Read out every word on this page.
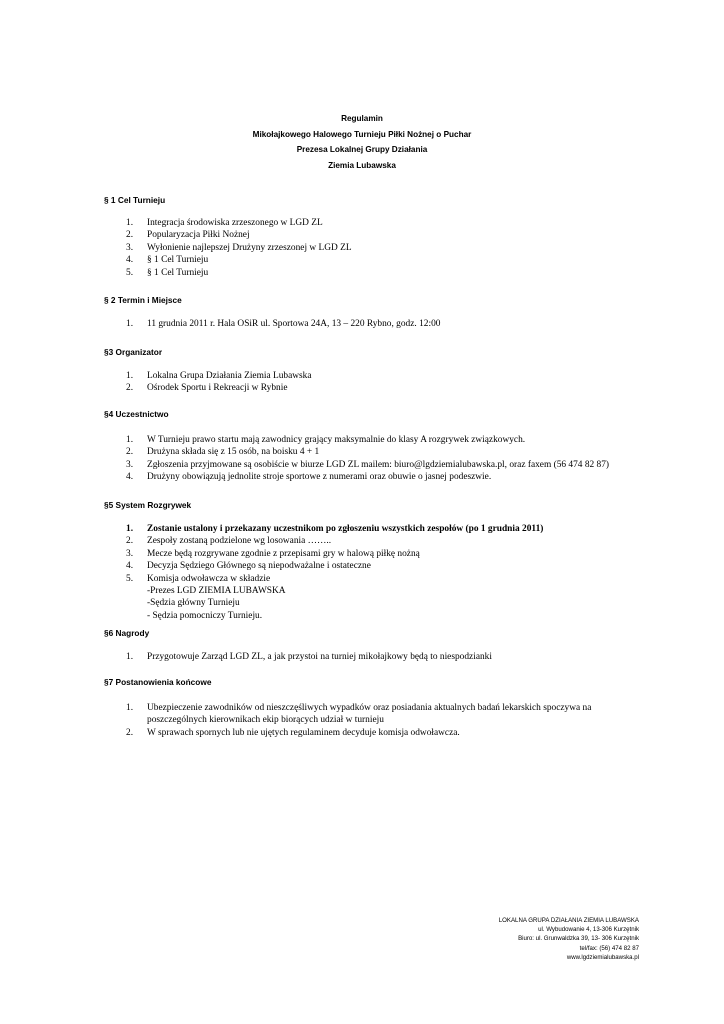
Regulamin
Mikołajkowego Halowego Turnieju Piłki Nożnej o Puchar
Prezesa Lokalnej Grupy Działania
Ziemia Lubawska
§ 1 Cel Turnieju
1. Integracja środowiska zrzeszonego w LGD ZL
2. Popularyzacja Piłki Nożnej
3. Wyłonienie najlepszej Drużyny zrzeszonej w LGD ZL
4. § 1 Cel Turnieju
5. § 1 Cel Turnieju
§ 2 Termin i Miejsce
1. 11 grudnia 2011 r. Hala OSiR ul. Sportowa 24A, 13 – 220 Rybno, godz. 12:00
§3 Organizator
1. Lokalna Grupa Działania Ziemia Lubawska
2. Ośrodek Sportu i Rekreacji w Rybnie
§4 Uczestnictwo
1. W Turnieju prawo startu mają zawodnicy grający maksymalnie do klasy A rozgrywek związkowych.
2. Drużyna składa się z 15 osób, na boisku 4 + 1
3. Zgłoszenia przyjmowane są osobiście w biurze LGD ZL mailem: biuro@lgdziemialubawska.pl, oraz faxem (56 474 82 87)
4. Drużyny obowiązują jednolite stroje sportowe z numerami oraz obuwie o jasnej podeszwie.
§5 System Rozgrywek
1. Zostanie ustalony i przekazany uczestnikom po zgłoszeniu wszystkich zespołów (po 1 grudnia 2011)
2. Zespoły zostaną podzielone wg losowania ……..
3. Mecze będą rozgrywane zgodnie z przepisami gry w halową piłkę nożną
4. Decyzja Sędziego Głównego są niepodważalne i ostateczne
5. Komisja odwoławcza w składzie
-Prezes LGD ZIEMIA LUBAWSKA
-Sędzia główny Turnieju
- Sędzia pomocniczy Turnieju.
§6 Nagrody
1. Przygotowuje Zarząd LGD ZL, a jak przystoi na turniej mikołajkowy będą to niespodzianki
§7 Postanowienia końcowe
1. Ubezpieczenie zawodników od nieszczęśliwych wypadków oraz posiadania aktualnych badań lekarskich spoczywa na
poszczególnych kierownikach ekip biorących udział w turnieju
2. W sprawach spornych lub nie ujętych regulaminem decyduje komisja odwoławcza.
LOKALNA GRUPA DZIAŁANIA ZIEMIA LUBAWSKA
ul. Wybudowanie 4, 13-306 Kurzętnik
Biuro: ul. Grunwaldzka 39, 13- 306 Kurzętnik
tel/fax: (56) 474 82 87
www.lgdziemialubawska.pl
